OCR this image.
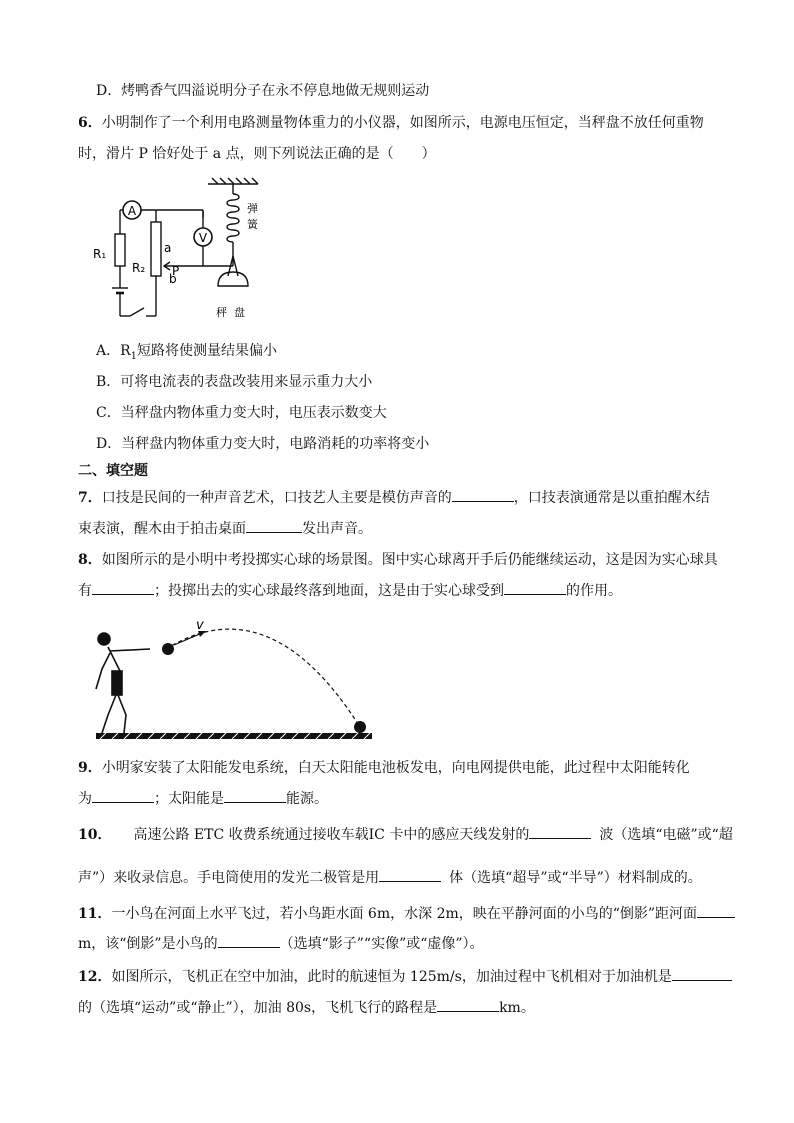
D．烤鸭香气四溢说明分子在永不停息地做无规则运动
6．小明制作了一个利用电路测量物体重力的小仪器，如图所示，电源电压恒定，当秤盘不放任何重物
时，滑片 P 恰好处于 a 点，则下列说法正确的是（　　）
A
V
R₁
R₂
a
b
P
弹
簧
秤 盘
A．$R_1$短路将使测量结果偏小
B．可将电流表的表盘改装用来显示重力大小
C．当秤盘内物体重力变大时，电压表示数变大
D．当秤盘内物体重力变大时，电路消耗的功率将变小
二、填空题
7．口技是民间的一种声音艺术，口技艺人主要是模仿声音的	，口技表演通常是以重拍醒木结
束表演，醒木由于拍击桌面	发出声音。
8．如图所示的是小明中考投掷实心球的场景图。图中实心球离开手后仍能继续运动，这是因为实心球具
有	；投掷出去的实心球最终落到地面，这是由于实心球受到	的作用。
v
9．小明家安装了太阳能发电系统，白天太阳能电池板发电，向电网提供电能，此过程中太阳能转化
为	；太阳能是	能源。
10． 高速公路 ETC 收费系统通过接收车载IC 卡中的感应天线发射的	波（选填“电磁”或“超
声”）来收录信息。手电筒使用的发光二极管是用	体（选填“超导”或“半导”）材料制成的。
11．一小鸟在河面上水平飞过，若小鸟距水面 6m，水深 2m，映在平静河面的小鸟的“倒影”距河面
m，该“倒影”是小鸟的	（选填“影子”“实像”或“虚像”）。
12．如图所示，飞机正在空中加油，此时的航速恒为 125m/s，加油过程中飞机相对于加油机是
的（选填“运动”或“静止”），加油 80s，飞机飞行的路程是	km。
